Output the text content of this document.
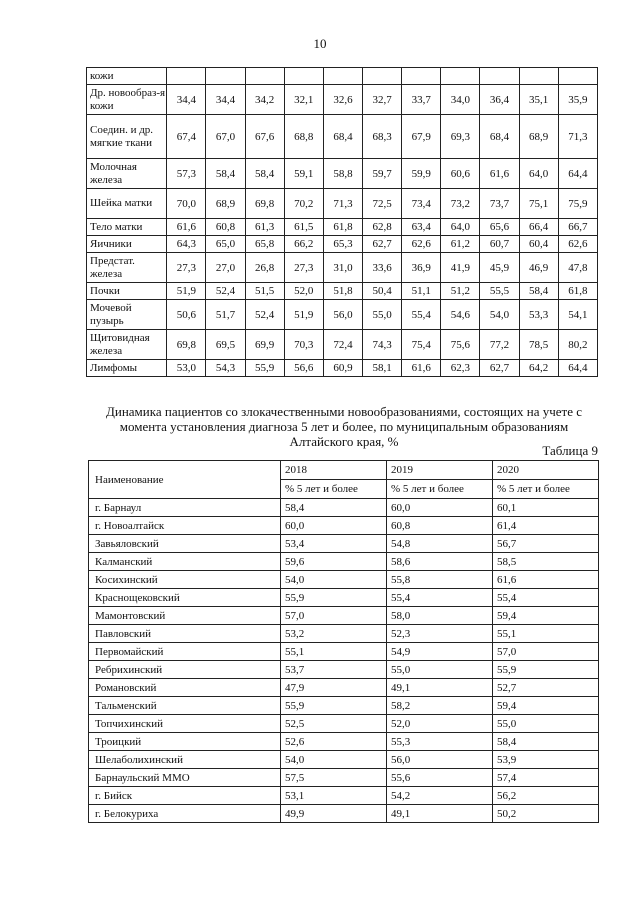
10
кожи											
Др. новообраз-я кожи	34,4	34,4	34,2	32,1	32,6	32,7	33,7	34,0	36,4	35,1	35,9
Соедин. и др. мягкие ткани	67,4	67,0	67,6	68,8	68,4	68,3	67,9	69,3	68,4	68,9	71,3
Молочная железа	57,3	58,4	58,4	59,1	58,8	59,7	59,9	60,6	61,6	64,0	64,4
Шейка матки	70,0	68,9	69,8	70,2	71,3	72,5	73,4	73,2	73,7	75,1	75,9
Тело матки	61,6	60,8	61,3	61,5	61,8	62,8	63,4	64,0	65,6	66,4	66,7
Яичники	64,3	65,0	65,8	66,2	65,3	62,7	62,6	61,2	60,7	60,4	62,6
Предстат. железа	27,3	27,0	26,8	27,3	31,0	33,6	36,9	41,9	45,9	46,9	47,8
Почки	51,9	52,4	51,5	52,0	51,8	50,4	51,1	51,2	55,5	58,4	61,8
Мочевой пузырь	50,6	51,7	52,4	51,9	56,0	55,0	55,4	54,6	54,0	53,3	54,1
Щитовидная железа	69,8	69,5	69,9	70,3	72,4	74,3	75,4	75,6	77,2	78,5	80,2
Лимфомы	53,0	54,3	55,9	56,6	60,9	58,1	61,6	62,3	62,7	64,2	64,4
Динамика пациентов со злокачественными новообразованиями, состоящих на учете с момента установления диагноза 5 лет и более, по муниципальным образованиям Алтайского края, %
Таблица 9
Наименование	2018	2019	2020
	% 5 лет и более	% 5 лет и более	% 5 лет и более
г. Барнаул	58,4	60,0	60,1
г. Новоалтайск	60,0	60,8	61,4
Завьяловский	53,4	54,8	56,7
Калманский	59,6	58,6	58,5
Косихинский	54,0	55,8	61,6
Краснощековский	55,9	55,4	55,4
Мамонтовский	57,0	58,0	59,4
Павловский	53,2	52,3	55,1
Первомайский	55,1	54,9	57,0
Ребрихинский	53,7	55,0	55,9
Романовский	47,9	49,1	52,7
Тальменский	55,9	58,2	59,4
Топчихинский	52,5	52,0	55,0
Троицкий	52,6	55,3	58,4
Шелаболихинский	54,0	56,0	53,9
Барнаульский ММО	57,5	55,6	57,4
г. Бийск	53,1	54,2	56,2
г. Белокуриха	49,9	49,1	50,2
